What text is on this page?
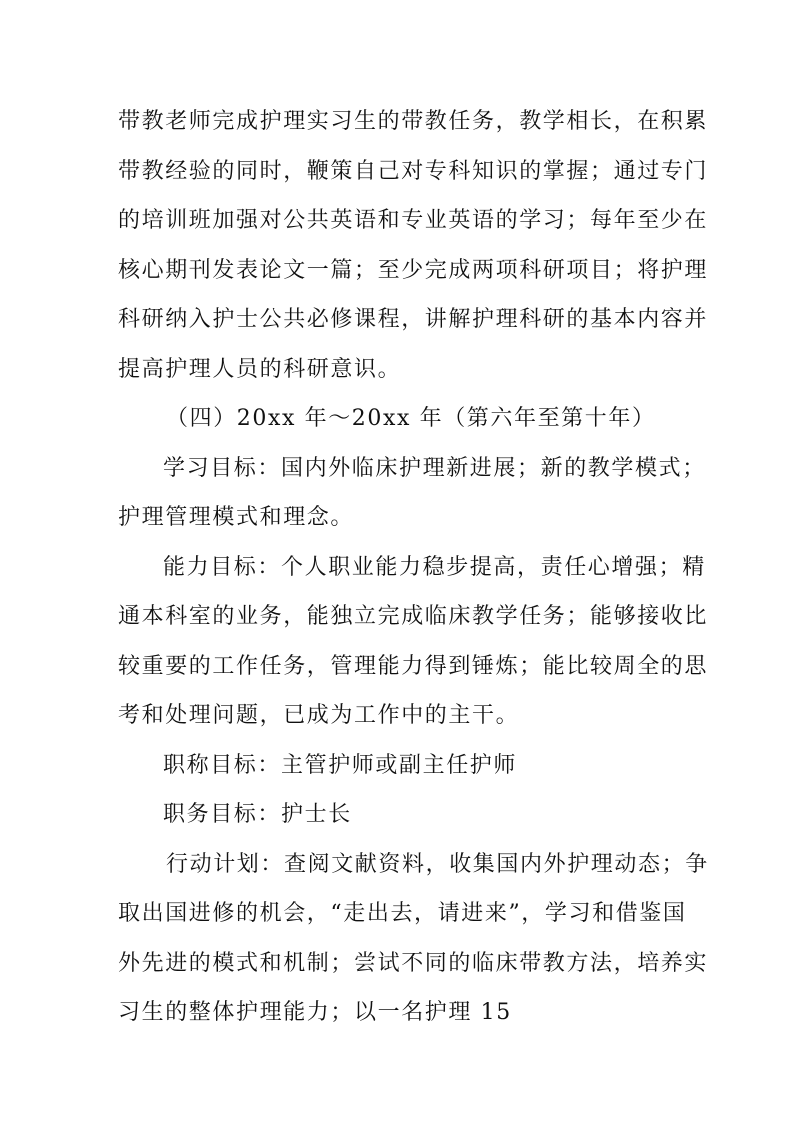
带教老师完成护理实习生的带教任务，教学相长，在积累
带教经验的同时，鞭策自己对专科知识的掌握；通过专门
的培训班加强对公共英语和专业英语的学习；每年至少在
核心期刊发表论文一篇；至少完成两项科研项目；将护理
科研纳入护士公共必修课程，讲解护理科研的基本内容并
提高护理人员的科研意识。
（四）20xx 年～20xx 年（第六年至第十年）
学习目标：国内外临床护理新进展；新的教学模式；
护理管理模式和理念。
能力目标：个人职业能力稳步提高，责任心增强；精
通本科室的业务，能独立完成临床教学任务；能够接收比
较重要的工作任务，管理能力得到锤炼；能比较周全的思
考和处理问题，已成为工作中的主干。
职称目标：主管护师或副主任护师
职务目标：护士长
行动计划：查阅文献资料，收集国内外护理动态；争
取出国进修的机会，“走出去，请进来”，学习和借鉴国
外先进的模式和机制；尝试不同的临床带教方法，培养实
习生的整体护理能力；以一名护理 15
